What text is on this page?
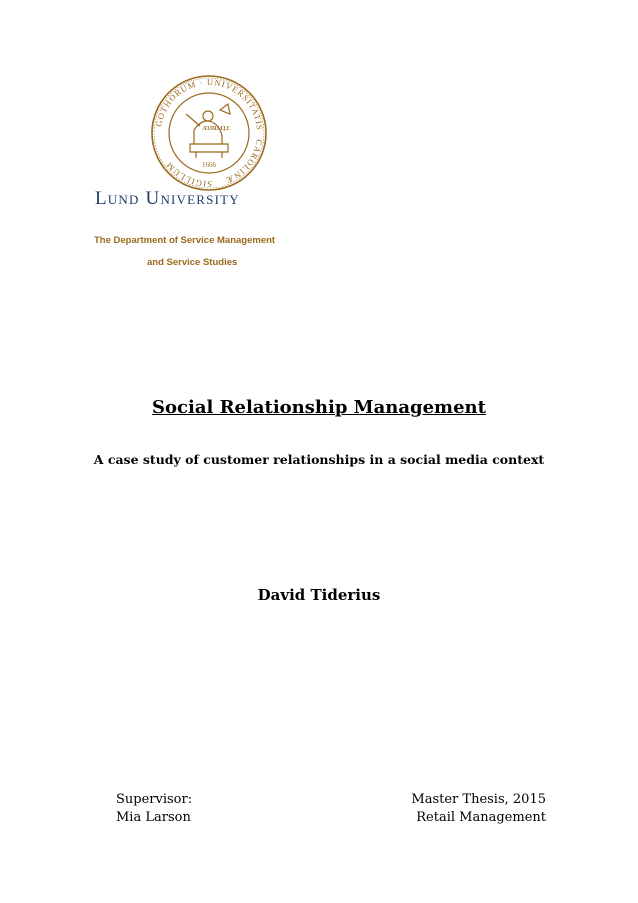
GOTHORUM · UNIVERSITATIS
CAROLINÆ
SIGILLUM
AD UTRUMQUE
1666
Lund University
The Department of Service Management
and Service Studies
Social Relationship Management
A case study of customer relationships in a social media context
David Tiderius
Supervisor:
Mia Larson
Master Thesis, 2015
Retail Management
